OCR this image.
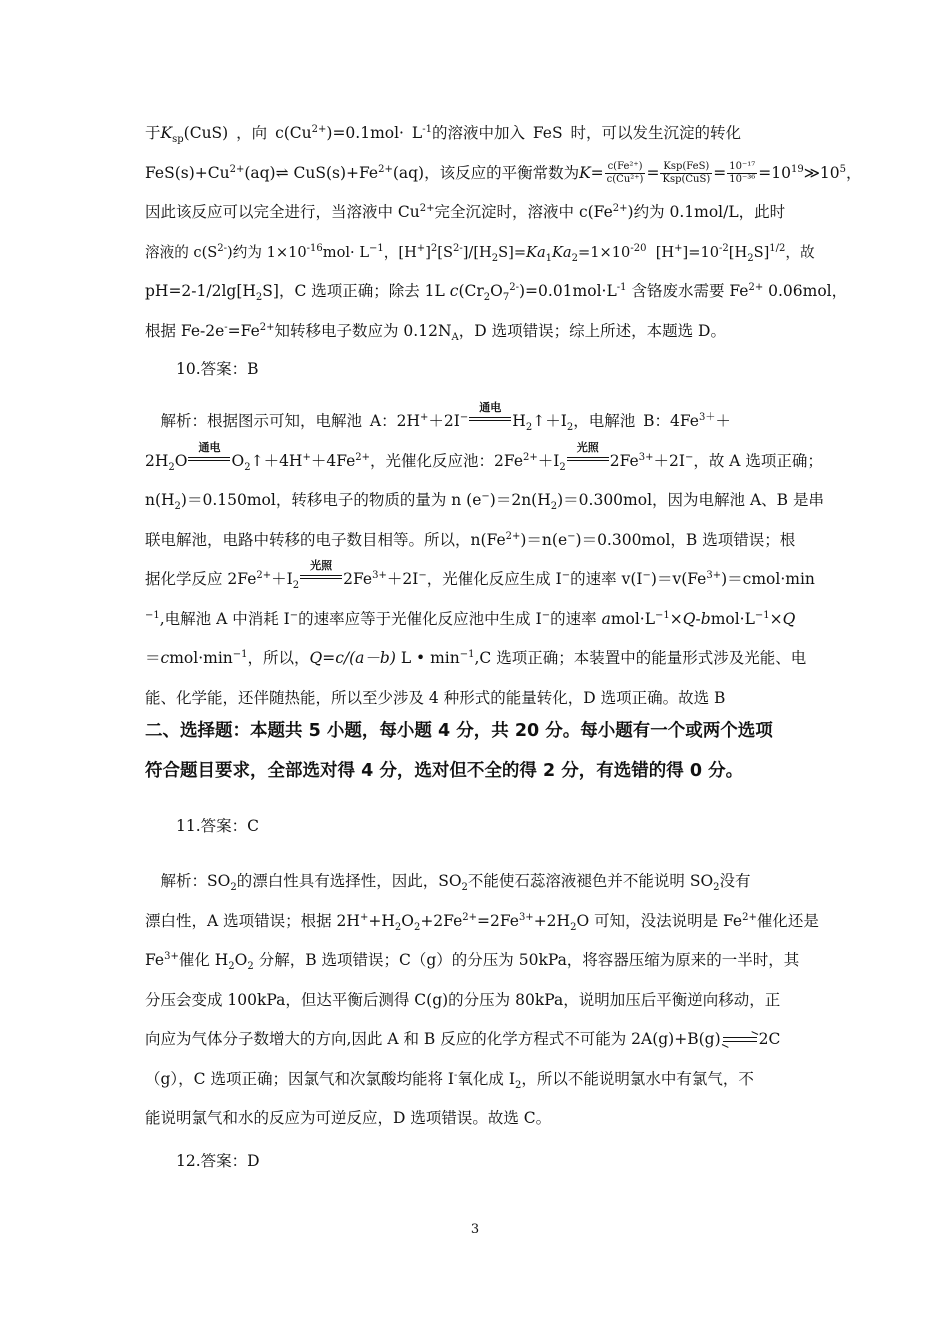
于$K_{sp}(CuS)$ ，向 $c(Cu^{2+})=0.1mol\cdot L^{-1}$的溶液中加入 FeS 时，可以发生沉淀的转化
$FeS(s)+Cu^{2+}(aq)\rightleftharpoons$ $CuS(s)+Fe^{2+}(aq)$，该反应的平衡常数为$K= \frac{\text{c(Fe²⁺)}}{\text{c(Cu²⁺)}} = \frac{\text{Ksp(FeS)}}{\text{Ksp(CuS)}} = \frac{\text{10⁻¹⁷}}{\text{10⁻³⁶}}$ $=10^{19}≫10^5$，
因此该反应可以完全进行，当溶液中 $Cu^{2+}$完全沉淀时，溶液中 $c(Fe^{2+})$约为 0.1mol/L，此时
溶液的 $c(S^{2-})$约为 $1\times 10^{-16}mol\cdot L^{-1}$，$[H^+]^2[S^{2-}]/[H_2S]=Ka_1Ka_2=1\times 10^{-20}$  $[H^+]=10^{-2}[H_2S]^{1/2}$，故
$pH=2-1/2\lg[H_2S]$，C 选项正确；除去 1L $c(Cr_2O_7^{2-})=0.01mol\cdot L^{-1}$ 含铬废水需要 $Fe^{2+}$ 0.06mol，
根据 $Fe-2e^-=Fe^{2+}$知转移电子数应为 $0.12N_A$，D 选项错误；综上所述，本题选 D。
10.答案：B
  解析：根据图示可知，电解池 A：2H+＋2I−
通电
$H_2↑+I_2$，电解池 B：$4Fe^{3+}+$
$2H_2O$
通电
$O_2↑+4H^++4Fe^{2+}$，光催化反应池：$2Fe^{2+}+I_2$
光照
$2Fe^{3+}+2I^-$，故 A 选项正确；
$n(H_2)=0.150mol$，转移电子的物质的量为 n $(e^-)=2n(H_2)=0.300mol$，因为电解池 A、B 是串
联电解池，电路中转移的电子数目相等。所以，$n(Fe^{2+})=n(e^-)=0.300mol$，B 选项错误；根
据化学反应 $2Fe^{2+}+I_2$
光照
$2Fe^{3+}+2I^-$，光催化反应生成 I−的速率 $v(I^-)=v(Fe^{3+})=cmol\cdot\min$
$^{-1}$,电解池 A 中消耗 I−的速率应等于光催化反应池中生成 I−的速率 $amol\cdot L^{-1}\times Q-bmol\cdot L^{-1}\times Q$
$=cmol\cdot\min^{-1}$，所以，Q=c/(a－b) L • $\min^{-1},C$ 选项正确；本装置中的能量形式涉及光能、电
能、化学能，还伴随热能，所以至少涉及 4 种形式的能量转化，D 选项正确。故选 B
二、选择题：本题共 5 小题，每小题 4 分，共 20 分。每小题有一个或两个选项
符合题目要求，全部选对得 4 分，选对但不全的得 2 分，有选错的得 0 分。
11.答案：C
  解析：$SO_2$的漂白性具有选择性，因此，$SO_2$不能使石蕊溶液褪色并不能说明 $SO_2$没有
漂白性，A 选项错误；根据 $2H^++H_2O_2+2Fe^{2+}=2Fe^{3+}+2H_2O$ 可知，没法说明是 $Fe^{2+}$催化还是
$Fe^{3+}$催化 $H_2O_2$ 分解，B 选项错误；C（g）的分压为 50kPa，将容器压缩为原来的一半时，其
分压会变成 100kPa，但达平衡后测得 C(g)的分压为 80kPa，说明加压后平衡逆向移动，正
向应为气体分子数增大的方向,因此 A 和 B 反应的化学方程式不可能为 2A(g)+B(g) ⇌ 2C
（g），C 选项正确；因氯气和次氯酸均能将 I-氧化成 $I_2$，所以不能说明氯水中有氯气，不
能说明氯气和水的反应为可逆反应，D 选项错误。故选 C。
12.答案：D
3
